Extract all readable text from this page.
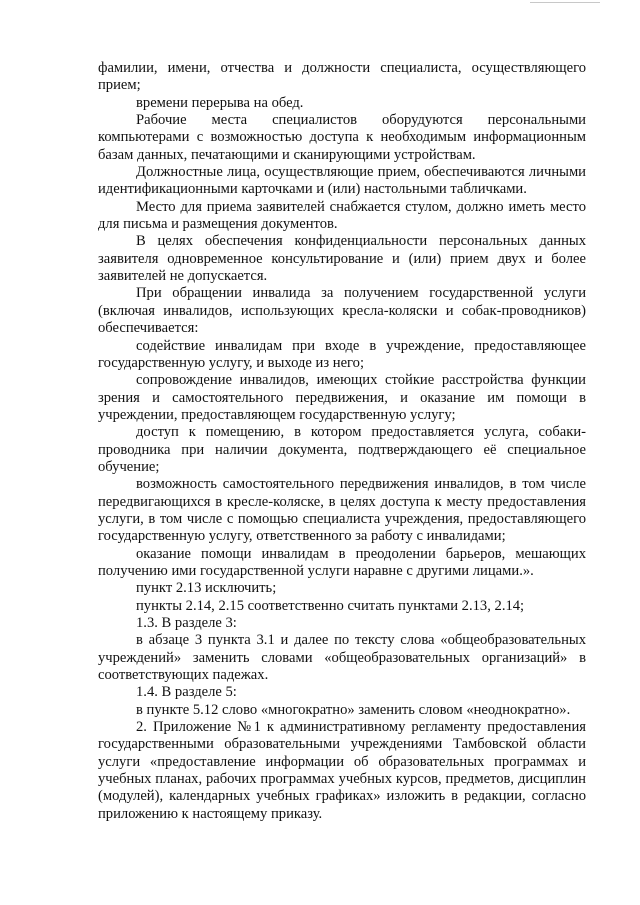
фамилии, имени, отчества и должности специалиста, осуществляющего прием;

времени перерыва на обед.

Рабочие места специалистов оборудуются персональными компьютерами с возможностью доступа к необходимым информационным базам данных, печатающими и сканирующими устройствам.

Должностные лица, осуществляющие прием, обеспечиваются личными идентификационными карточками и (или) настольными табличками.

Место для приема заявителей снабжается стулом, должно иметь место для письма и размещения документов.

В целях обеспечения конфиденциальности персональных данных заявителя одновременное консультирование и (или) прием двух и более заявителей не допускается.

При обращении инвалида за получением государственной услуги (включая инвалидов, использующих кресла-коляски и собак-проводников) обеспечивается:

содействие инвалидам при входе в учреждение, предоставляющее государственную услугу, и выходе из него;

сопровождение инвалидов, имеющих стойкие расстройства функции зрения и самостоятельного передвижения, и оказание им помощи в учреждении, предоставляющем государственную услугу;

доступ к помещению, в котором предоставляется услуга, собаки-проводника при наличии документа, подтверждающего её специальное обучение;

возможность самостоятельного передвижения инвалидов, в том числе передвигающихся в кресле-коляске, в целях доступа к месту предоставления услуги, в том числе с помощью специалиста учреждения, предоставляющего государственную услугу, ответственного за работу с инвалидами;

оказание помощи инвалидам в преодолении барьеров, мешающих получению ими государственной услуги наравне с другими лицами.».

пункт 2.13 исключить;

пункты 2.14, 2.15 соответственно считать пунктами 2.13, 2.14;

1.3. В разделе 3:

в абзаце 3 пункта 3.1 и далее по тексту слова «общеобразовательных учреждений» заменить словами «общеобразовательных организаций» в соответствующих падежах.

1.4. В разделе 5:

в пункте 5.12 слово «многократно» заменить словом «неоднократно».

2. Приложение №1 к административному регламенту предоставления государственными образовательными учреждениями Тамбовской области услуги «предоставление информации об образовательных программах и учебных планах, рабочих программах учебных курсов, предметов, дисциплин (модулей), календарных учебных графиках» изложить в редакции, согласно приложению к настоящему приказу.
